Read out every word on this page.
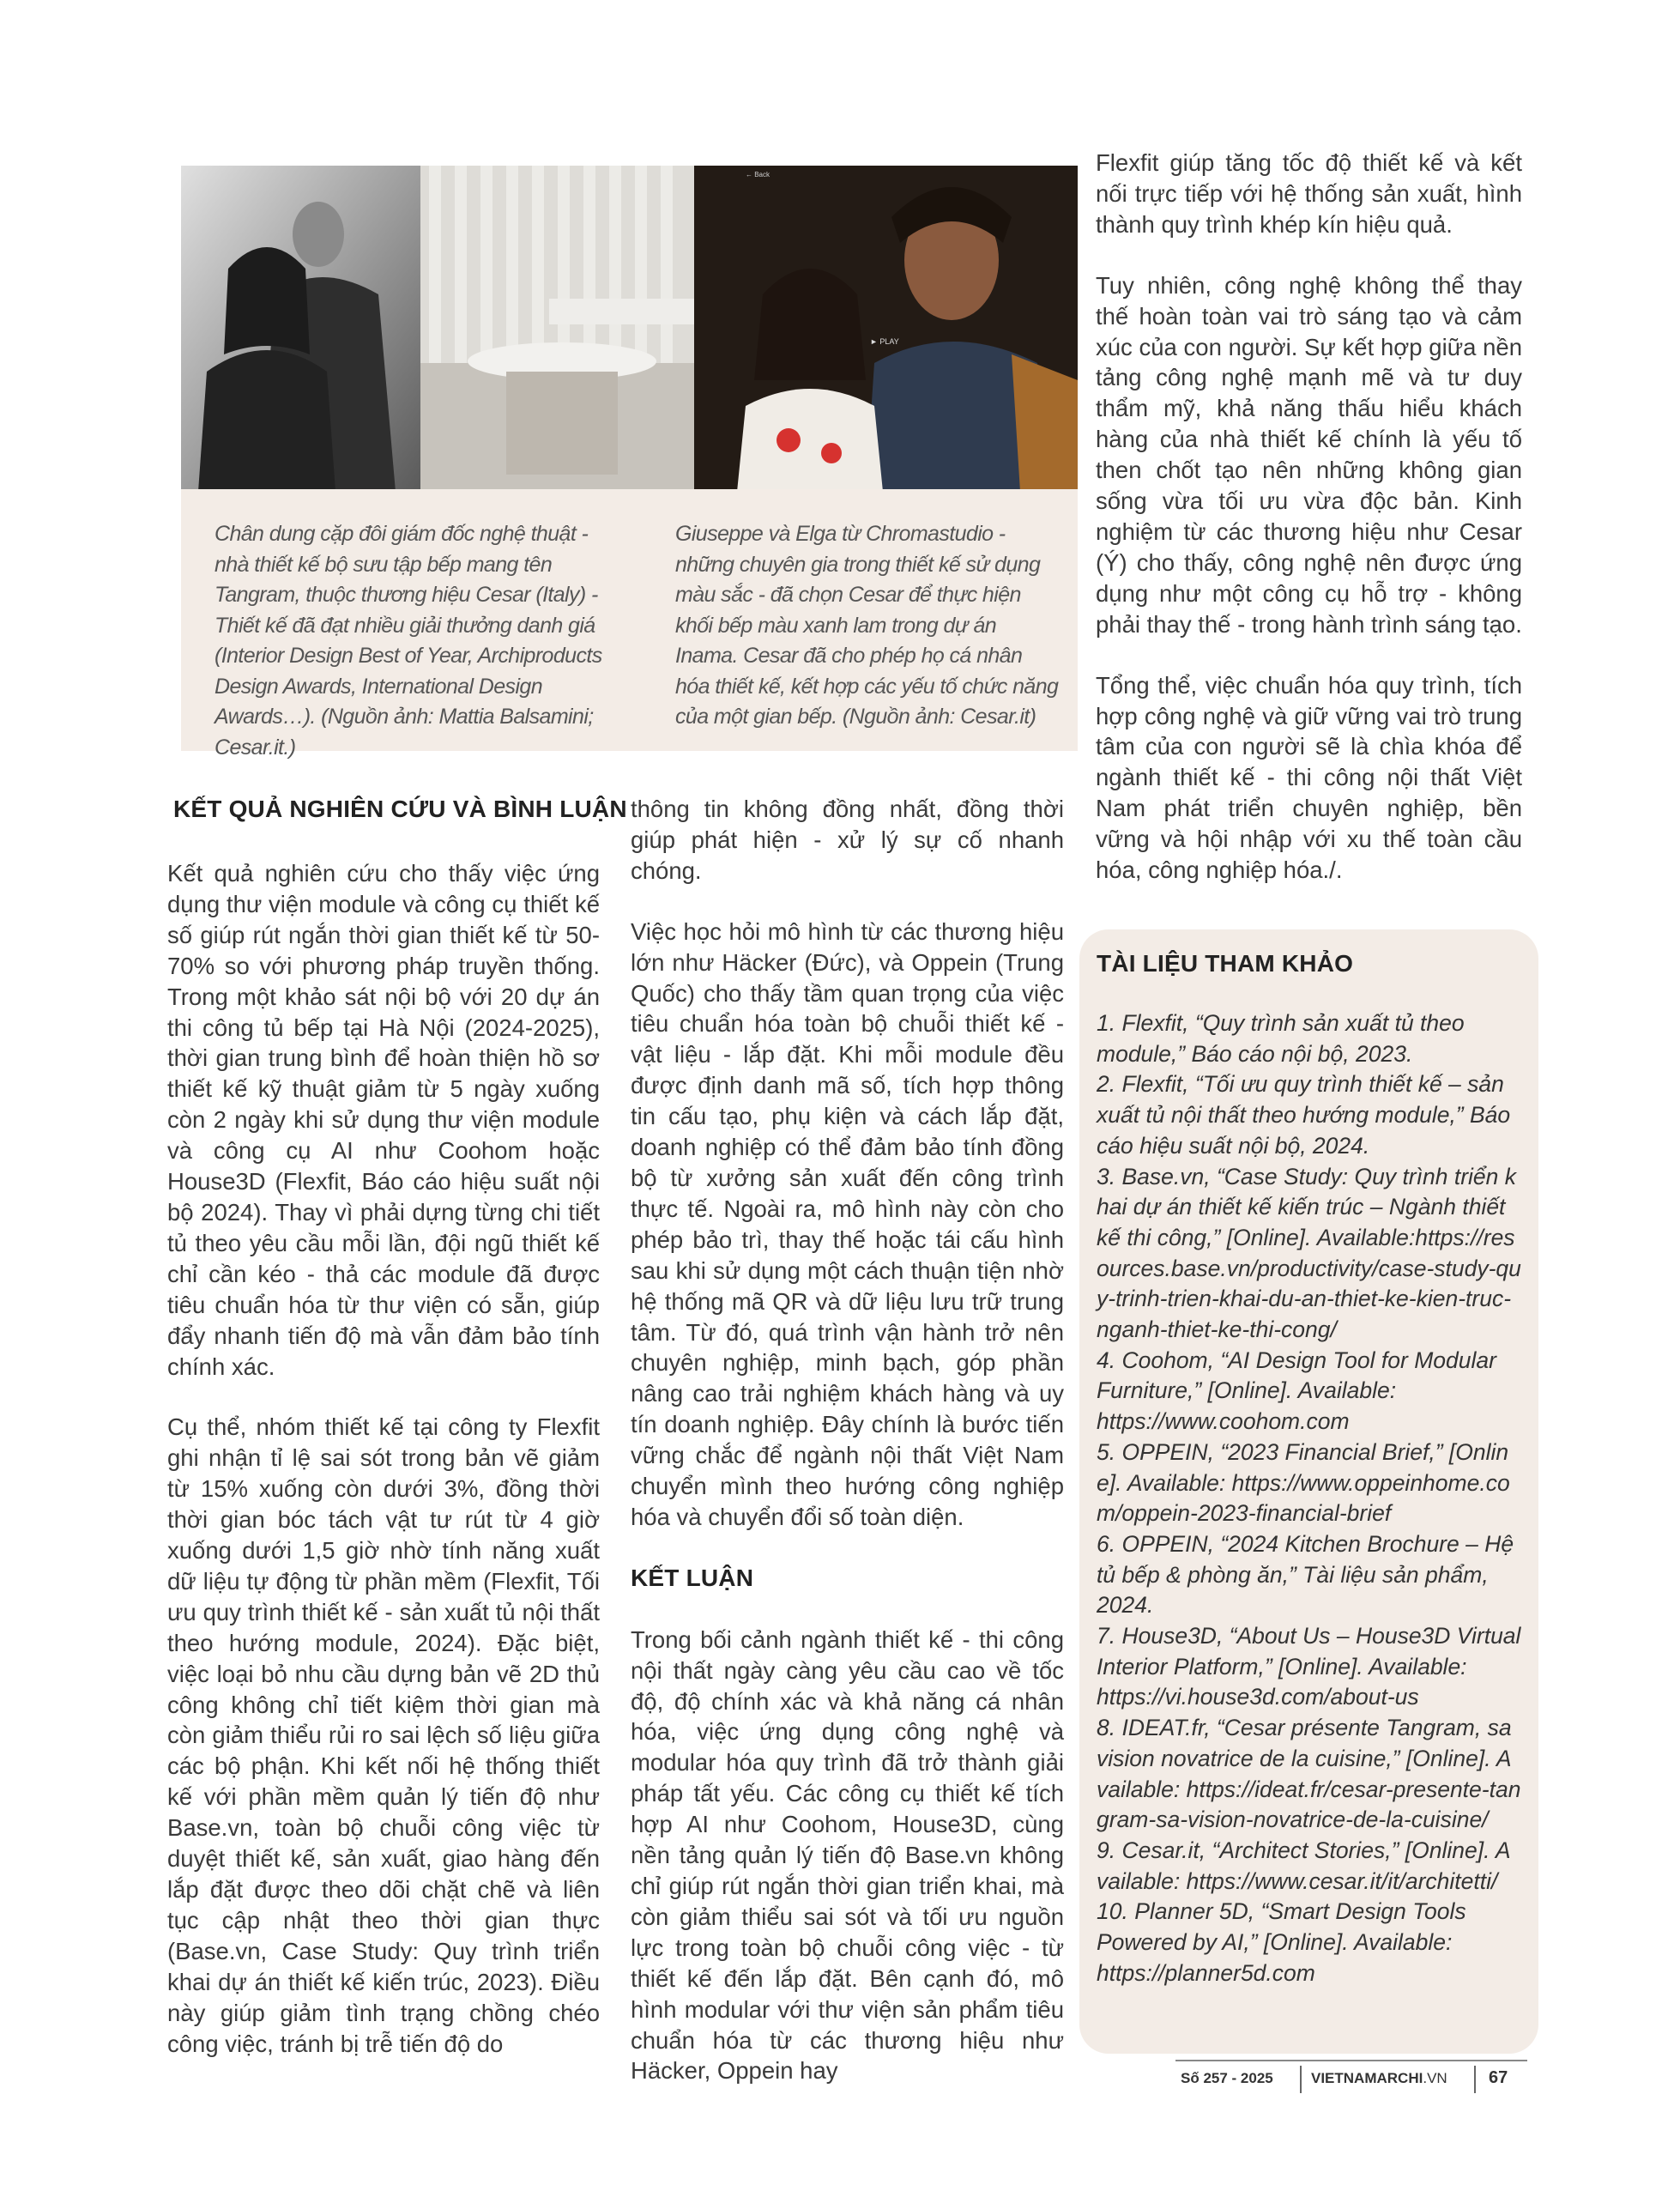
← Back
► PLAY
Chân dung cặp đôi giám đốc nghệ thuật - nhà thiết kế bộ sưu tập bếp mang tên Tangram, thuộc thương hiệu Cesar (Italy) - Thiết kế đã đạt nhiều giải thưởng danh giá (Interior Design Best of Year, Archiproducts Design Awards, International Design Awards…). (Nguồn ảnh: Mattia Balsamini; Cesar.it.)
Giuseppe và Elga từ Chromastudio - những chuyên gia trong thiết kế sử dụng màu sắc - đã chọn Cesar để thực hiện khối bếp màu xanh lam trong dự án Inama. Cesar đã cho phép họ cá nhân hóa thiết kế, kết hợp các yếu tố chức năng của một gian bếp. (Nguồn ảnh: Cesar.it)
KẾT QUẢ NGHIÊN CỨU VÀ BÌNH LUẬN

Kết quả nghiên cứu cho thấy việc ứng dụng thư viện module và công cụ thiết kế số giúp rút ngắn thời gian thiết kế từ 50- 70% so với phương pháp truyền thống. Trong một khảo sát nội bộ với 20 dự án thi công tủ bếp tại Hà Nội (2024-2025), thời gian trung bình để hoàn thiện hồ sơ thiết kế kỹ thuật giảm từ 5 ngày xuống còn 2 ngày khi sử dụng thư viện module và công cụ AI như Coohom hoặc House3D (Flexfit, Báo cáo hiệu suất nội bộ 2024). Thay vì phải dựng từng chi tiết tủ theo yêu cầu mỗi lần, đội ngũ thiết kế chỉ cần kéo - thả các module đã được tiêu chuẩn hóa từ thư viện có sẵn, giúp đẩy nhanh tiến độ mà vẫn đảm bảo tính chính xác.

Cụ thể, nhóm thiết kế tại công ty Flexfit ghi nhận tỉ lệ sai sót trong bản vẽ giảm từ 15% xuống còn dưới 3%, đồng thời thời gian bóc tách vật tư rút từ 4 giờ xuống dưới 1,5 giờ nhờ tính năng xuất dữ liệu tự động từ phần mềm (Flexfit, Tối ưu quy trình thiết kế - sản xuất tủ nội thất theo hướng module, 2024). Đặc biệt, việc loại bỏ nhu cầu dựng bản vẽ 2D thủ công không chỉ tiết kiệm thời gian mà còn giảm thiểu rủi ro sai lệch số liệu giữa các bộ phận. Khi kết nối hệ thống thiết kế với phần mềm quản lý tiến độ như Base.vn, toàn bộ chuỗi công việc từ duyệt thiết kế, sản xuất, giao hàng đến lắp đặt được theo dõi chặt chẽ và liên tục cập nhật theo thời gian thực (Base.vn, Case Study: Quy trình triển khai dự án thiết kế kiến trúc, 2023). Điều này giúp giảm tình trạng chồng chéo công việc, tránh bị trễ tiến độ do

thông tin không đồng nhất, đồng thời giúp phát hiện - xử lý sự cố nhanh chóng.

Việc học hỏi mô hình từ các thương hiệu lớn như Häcker (Đức), và Oppein (Trung Quốc) cho thấy tầm quan trọng của việc tiêu chuẩn hóa toàn bộ chuỗi thiết kế - vật liệu - lắp đặt. Khi mỗi module đều được định danh mã số, tích hợp thông tin cấu tạo, phụ kiện và cách lắp đặt, doanh nghiệp có thể đảm bảo tính đồng bộ từ xưởng sản xuất đến công trình thực tế. Ngoài ra, mô hình này còn cho phép bảo trì, thay thế hoặc tái cấu hình sau khi sử dụng một cách thuận tiện nhờ hệ thống mã QR và dữ liệu lưu trữ trung tâm. Từ đó, quá trình vận hành trở nên chuyên nghiệp, minh bạch, góp phần nâng cao trải nghiệm khách hàng và uy tín doanh nghiệp. Đây chính là bước tiến vững chắc để ngành nội thất Việt Nam chuyển mình theo hướng công nghiệp hóa và chuyển đổi số toàn diện.

KẾT LUẬN

Trong bối cảnh ngành thiết kế - thi công nội thất ngày càng yêu cầu cao về tốc độ, độ chính xác và khả năng cá nhân hóa, việc ứng dụng công nghệ và modular hóa quy trình đã trở thành giải pháp tất yếu. Các công cụ thiết kế tích hợp AI như Coohom, House3D, cùng nền tảng quản lý tiến độ Base.vn không chỉ giúp rút ngắn thời gian triển khai, mà còn giảm thiểu sai sót và tối ưu nguồn lực trong toàn bộ chuỗi công việc - từ thiết kế đến lắp đặt. Bên cạnh đó, mô hình modular với thư viện sản phẩm tiêu chuẩn hóa từ các thương hiệu như Häcker, Oppein hay

Flexfit giúp tăng tốc độ thiết kế và kết nối trực tiếp với hệ thống sản xuất, hình thành quy trình khép kín hiệu quả.

Tuy nhiên, công nghệ không thể thay thế hoàn toàn vai trò sáng tạo và cảm xúc của con người. Sự kết hợp giữa nền tảng công nghệ mạnh mẽ và tư duy thẩm mỹ, khả năng thấu hiểu khách hàng của nhà thiết kế chính là yếu tố then chốt tạo nên những không gian sống vừa tối ưu vừa độc bản. Kinh nghiệm từ các thương hiệu như Cesar (Ý) cho thấy, công nghệ nên được ứng dụng như một công cụ hỗ trợ - không phải thay thế - trong hành trình sáng tạo.

Tổng thể, việc chuẩn hóa quy trình, tích hợp công nghệ và giữ vững vai trò trung tâm của con người sẽ là chìa khóa để ngành thiết kế - thi công nội thất Việt Nam phát triển chuyên nghiệp, bền vững và hội nhập với xu thế toàn cầu hóa, công nghiệp hóa./.

TÀI LIỆU THAM KHẢO
1. Flexfit, “Quy trình sản xuất tủ theo module,” Báo cáo nội bộ, 2023.
2. Flexfit, “Tối ưu quy trình thiết kế – sản xuất tủ nội thất theo hướng module,” Báo cáo hiệu suất nội bộ, 2024.
3. Base.vn, “Case Study: Quy trình triển khai dự án thiết kế kiến trúc – Ngành thiết kế thi công,” [Online]. Available:https://resources.base.vn/productivity/case-study-quy-trinh-trien-khai-du-an-thiet-ke-kien-truc-nganh-thiet-ke-thi-cong/
4. Coohom, “AI Design Tool for Modular Furniture,” [Online]. Available: https://www.coohom.com
5. OPPEIN, “2023 Financial Brief,” [Online]. Available: https://www.oppeinhome.com/oppein-2023-financial-brief
6. OPPEIN, “2024 Kitchen Brochure – Hệ tủ bếp & phòng ăn,” Tài liệu sản phẩm, 2024.
7. House3D, “About Us – House3D Virtual Interior Platform,” [Online]. Available: https://vi.house3d.com/about-us
8. IDEAT.fr, “Cesar présente Tangram, sa vision novatrice de la cuisine,” [Online]. Available: https://ideat.fr/cesar-presente-tangram-sa-vision-novatrice-de-la-cuisine/
9. Cesar.it, “Architect Stories,” [Online]. Available: https://www.cesar.it/it/architetti/
10. Planner 5D, “Smart Design Tools Powered by AI,” [Online]. Available: https://planner5d.com
Số 257 - 2025	VIETNAMARCHI.VN 67
